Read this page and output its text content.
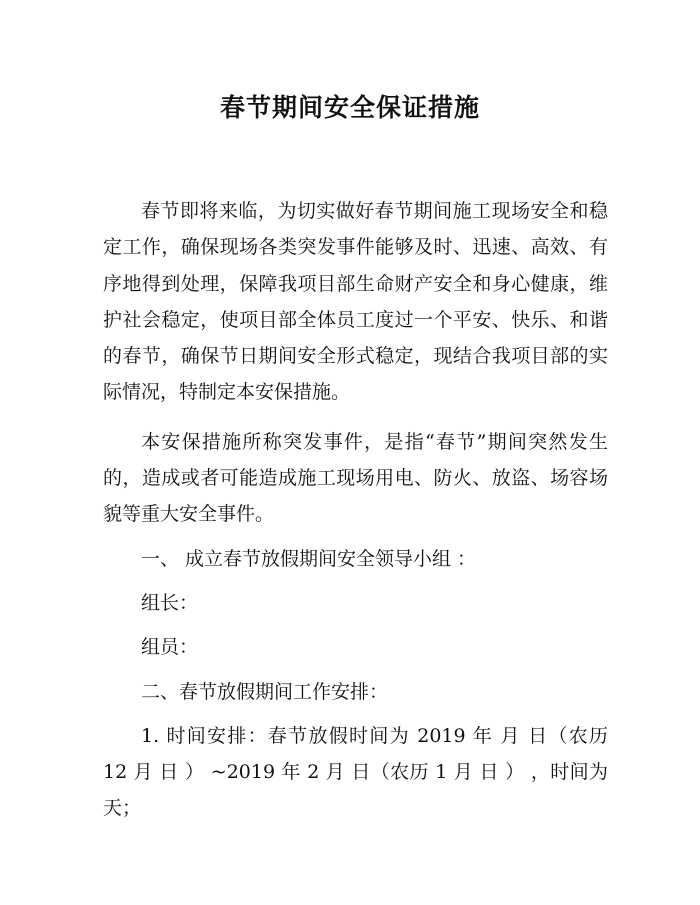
春节期间安全保证措施

春节即将来临，为切实做好春节期间施工现场安全和稳定工作，确保现场各类突发事件能够及时、迅速、高效、有序地得到处理，保障我项目部生命财产安全和身心健康，维护社会稳定，使项目部全体员工度过一个平安、快乐、和谐的春节，确保节日期间安全形式稳定，现结合我项目部的实际情况，特制定本安保措施。

本安保措施所称突发事件，是指“春节”期间突然发生的，造成或者可能造成施工现场用电、防火、放盗、场容场貌等重大安全事件。

一、 成立春节放假期间安全领导小组 ：

组长：

组员：

二、春节放假期间工作安排：

1. 时间安排：春节放假时间为 2019 年 月 日（农历 12 月 日 ） ~2019 年 2 月 日（农历 1 月 日 ） ，时间为 天；
